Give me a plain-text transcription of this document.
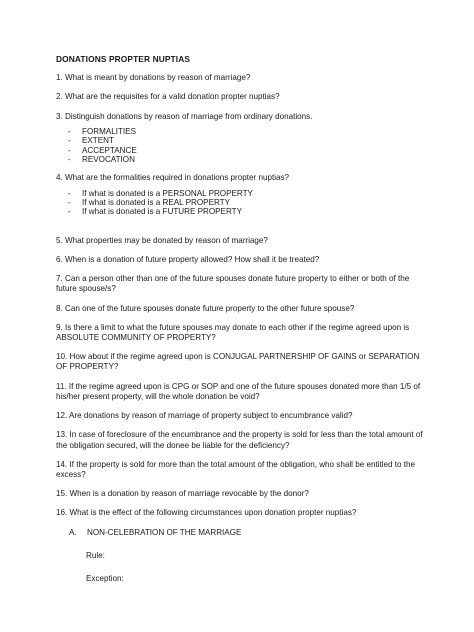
DONATIONS PROPTER NUPTIAS
1. What is meant by donations by reason of marriage?
2. What are the requisites for a valid donation propter nuptias?
3. Distinguish donations by reason of marriage from ordinary donations.
- FORMALITIES
- EXTENT
- ACCEPTANCE
- REVOCATION
4. What are the formalities required in donations propter nuptias?
- If what is donated is a PERSONAL PROPERTY
- If what is donated is a REAL PROPERTY
- If what is donated is a FUTURE PROPERTY
5. What properties may be donated by reason of marriage?
6. When is a donation of future property allowed? How shall it be treated?
7. Can a person other than one of the future spouses donate future property to either or both of the future spouse/s?
8. Can one of the future spouses donate future property to the other future spouse?
9. Is there a limit to what the future spouses may donate to each other if the regime agreed upon is ABSOLUTE COMMUNITY OF PROPERTY?
10. How about if the regime agreed upon is CONJUGAL PARTNERSHIP OF GAINS or SEPARATION OF PROPERTY?
11. If the regime agreed upon is CPG or SOP and one of the future spouses donated more than 1/5 of his/her present property, will the whole donation be void?
12. Are donations by reason of marriage of property subject to encumbrance valid?
13. In case of foreclosure of the encumbrance and the property is sold for less than the total amount of the obligation secured, will the donee be liable for the deficiency?
14. If the property is sold for more than the total amount of the obligation, who shall be entitled to the excess?
15. When is a donation by reason of marriage revocable by the donor?
16. What is the effect of the following circumstances upon donation propter nuptias?
A. NON-CELEBRATION OF THE MARRIAGE
Rule:
Exception:
